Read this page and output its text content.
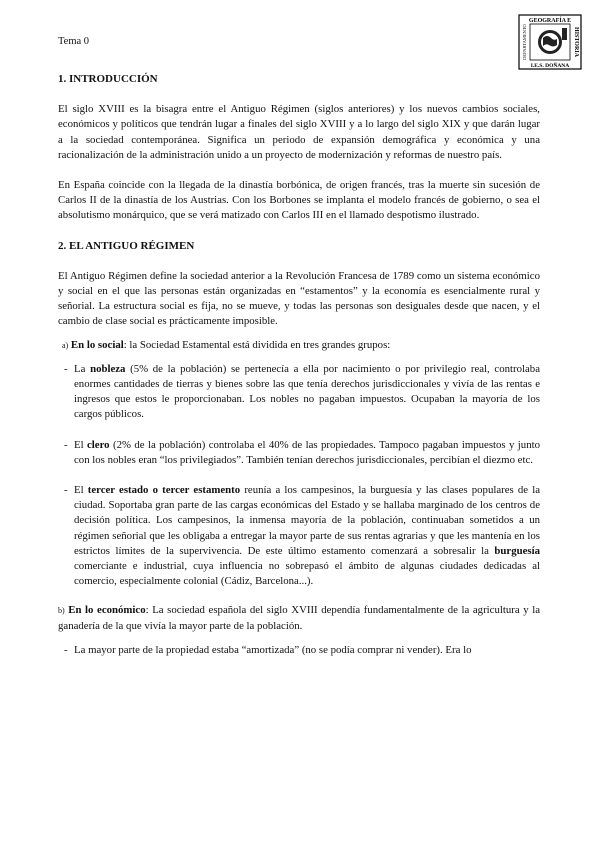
Tema 0
GEOGRAFÍA E
I.E.S. DOÑANA
DEPARTAMENTO	HISTORIA
1. INTRODUCCIÓN

El siglo XVIII es la bisagra entre el Antiguo Régimen (siglos anteriores) y los nuevos cambios sociales, económicos y políticos que tendrán lugar a finales del siglo XVIII y a lo largo del siglo XIX y que darán lugar a la sociedad contemporánea. Significa un periodo de expansión demográfica y económica y una racionalización de la administración unido a un proyecto de modernización y reformas de nuestro país.

En España coincide con la llegada de la dinastía borbónica, de origen francés, tras la muerte sin sucesión de Carlos II de la dinastía de los Austrias. Con los Borbones se implanta el modelo francés de gobierno, o sea el absolutismo monárquico, que se verá matizado con Carlos III en el llamado despotismo ilustrado.

2. EL ANTIGUO RÉGIMEN

El Antiguo Régimen define la sociedad anterior a la Revolución Francesa de 1789 como un sistema económico y social en el que las personas están organizadas en “estamentos” y la economía es esencialmente rural y señorial. La estructura social es fija, no se mueve, y todas las personas son desiguales desde que nacen, y el cambio de clase social es prácticamente imposible.

a) En lo social: la Sociedad Estamental está dividida en tres grandes grupos:

- La nobleza (5% de la población) se pertenecía a ella por nacimiento o por privilegio real, controlaba enormes cantidades de tierras y bienes sobre las que tenía derechos jurisdiccionales y vivía de las rentas e ingresos que estos le proporcionaban. Los nobles no pagaban impuestos. Ocupaban la mayoría de los cargos públicos.
- El clero (2% de la población) controlaba el 40% de las propiedades. Tampoco pagaban impuestos y junto con los nobles eran “los privilegiados”. También tenían derechos jurisdiccionales, percibían el diezmo etc.
- El tercer estado o tercer estamento reunía a los campesinos, la burguesía y las clases populares de la ciudad. Soportaba gran parte de las cargas económicas del Estado y se hallaba marginado de los centros de decisión política. Los campesinos, la inmensa mayoría de la población, continuaban sometidos a un régimen señorial que les obligaba a entregar la mayor parte de sus rentas agrarias y que les mantenía en los estrictos límites de la supervivencia. De este último estamento comenzará a sobresalir la burguesía comerciante e industrial, cuya influencia no sobrepasó el ámbito de algunas ciudades dedicadas al comercio, especialmente colonial (Cádiz, Barcelona...).

b) En lo económico: La sociedad española del siglo XVIII dependía fundamentalmente de la agricultura y la ganadería de la que vivía la mayor parte de la población.

- La mayor parte de la propiedad estaba “amortizada” (no se podía comprar ni vender). Era lo
